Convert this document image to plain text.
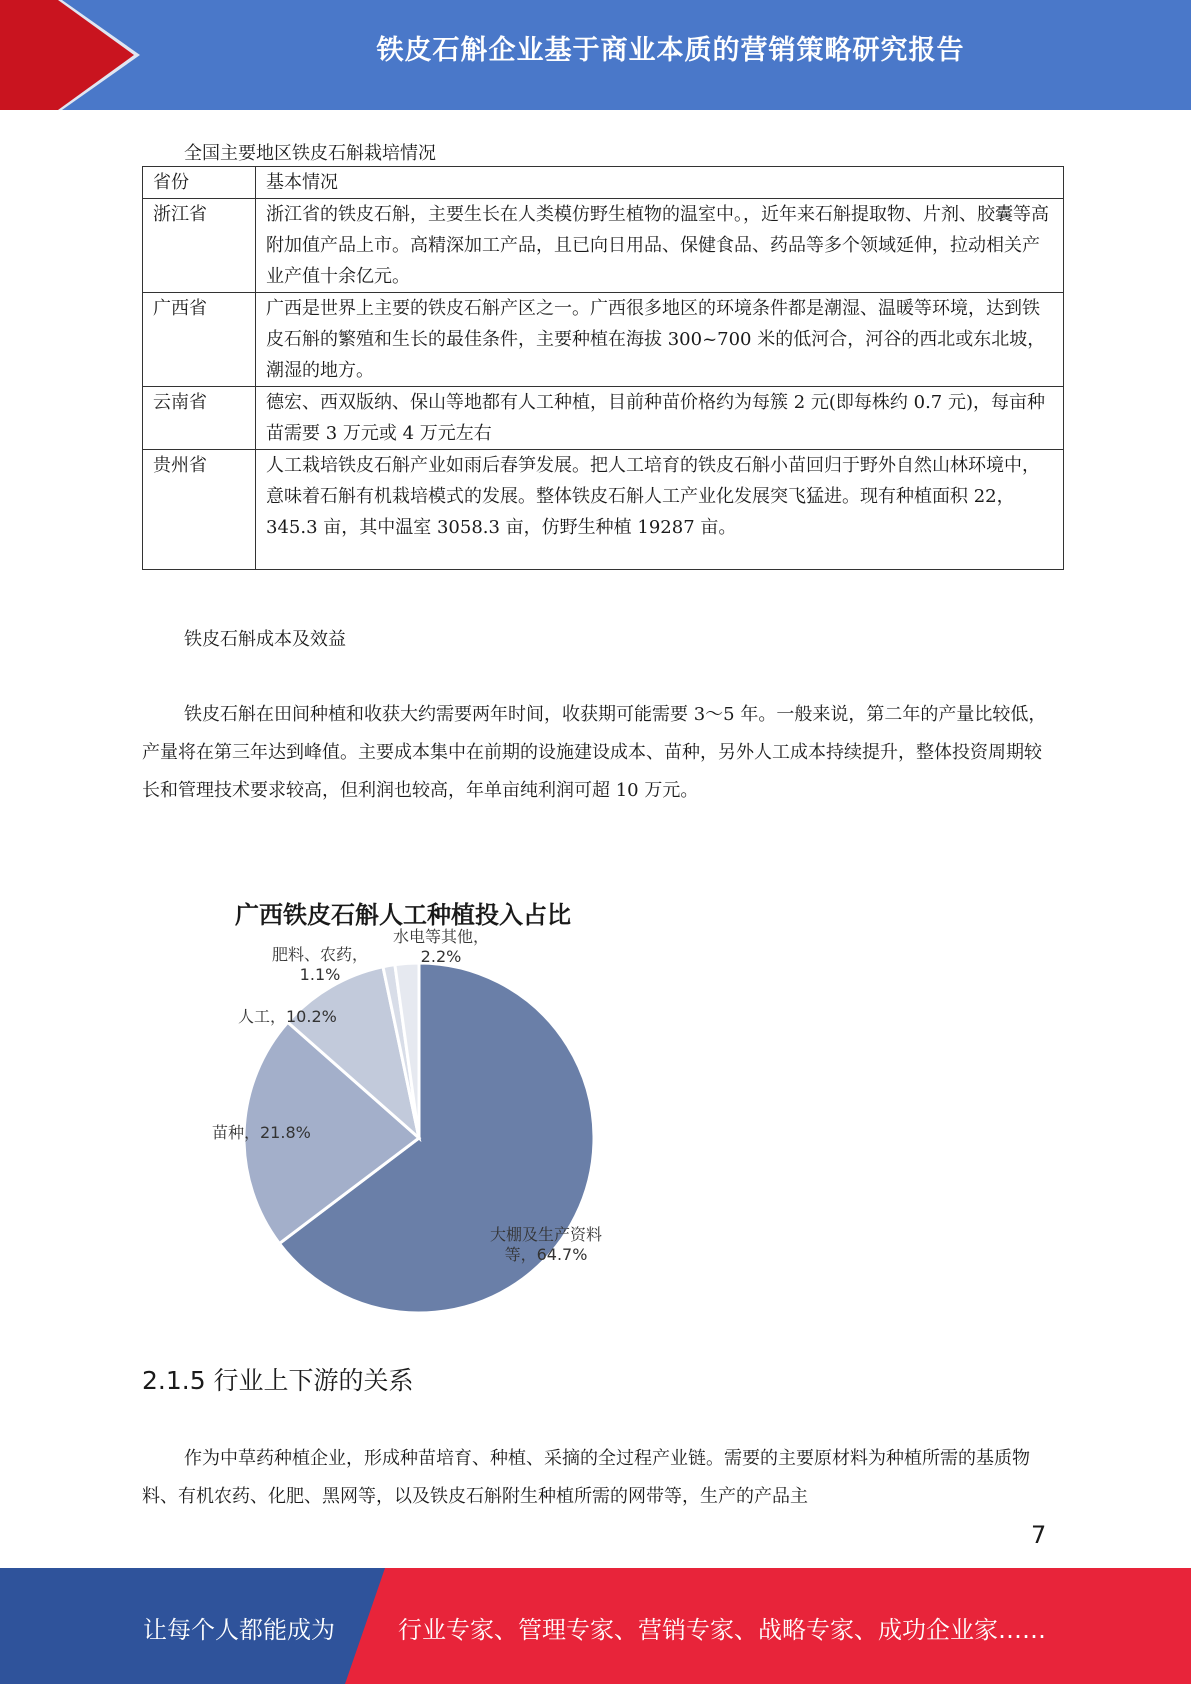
铁皮石斛企业基于商业本质的营销策略研究报告
全国主要地区铁皮石斛栽培情况
省份	基本情况
浙江省	浙江省的铁皮石斛，主要生长在人类模仿野生植物的温室中。，近年来石斛提取物、片剂、胶囊等高附加值产品上市。高精深加工产品，且已向日用品、保健食品、药品等多个领域延伸，拉动相关产业产值十余亿元。
广西省	广西是世界上主要的铁皮石斛产区之一。广西很多地区的环境条件都是潮湿、温暖等环境，达到铁皮石斛的繁殖和生长的最佳条件，主要种植在海拔 300~700 米的低河合，河谷的西北或东北坡，潮湿的地方。
云南省	德宏、西双版纳、保山等地都有人工种植，目前种苗价格约为每簇 2 元(即每株约 0.7 元)，每亩种苗需要 3 万元或 4 万元左右
贵州省	人工栽培铁皮石斛产业如雨后春笋发展。把人工培育的铁皮石斛小苗回归于野外自然山林环境中，意味着石斛有机栽培模式的发展。整体铁皮石斛人工产业化发展突飞猛进。现有种植面积 22，345.3 亩，其中温室 3058.3 亩，仿野生种植 19287 亩。
铁皮石斛成本及效益
铁皮石斛在田间种植和收获大约需要两年时间，收获期可能需要 3～5 年。一般来说，第二年的产量比较低，产量将在第三年达到峰值。主要成本集中在前期的设施建设成本、苗种，另外人工成本持续提升，整体投资周期较长和管理技术要求较高，但利润也较高，年单亩纯利润可超 10 万元。
广西铁皮石斛人工种植投入占比
大棚及生产资料
等，64.7%
苗种，21.8%
人工，10.2%
肥料、农药，
1.1%
水电等其他，
2.2%
2.1.5 行业上下游的关系
作为中草药种植企业，形成种苗培育、种植、采摘的全过程产业链。需要的主要原材料为种植所需的基质物料、有机农药、化肥、黑网等，以及铁皮石斛附生种植所需的网带等，生产的产品主
7
让每个人都能成为	行业专家、管理专家、营销专家、战略专家、成功企业家……
